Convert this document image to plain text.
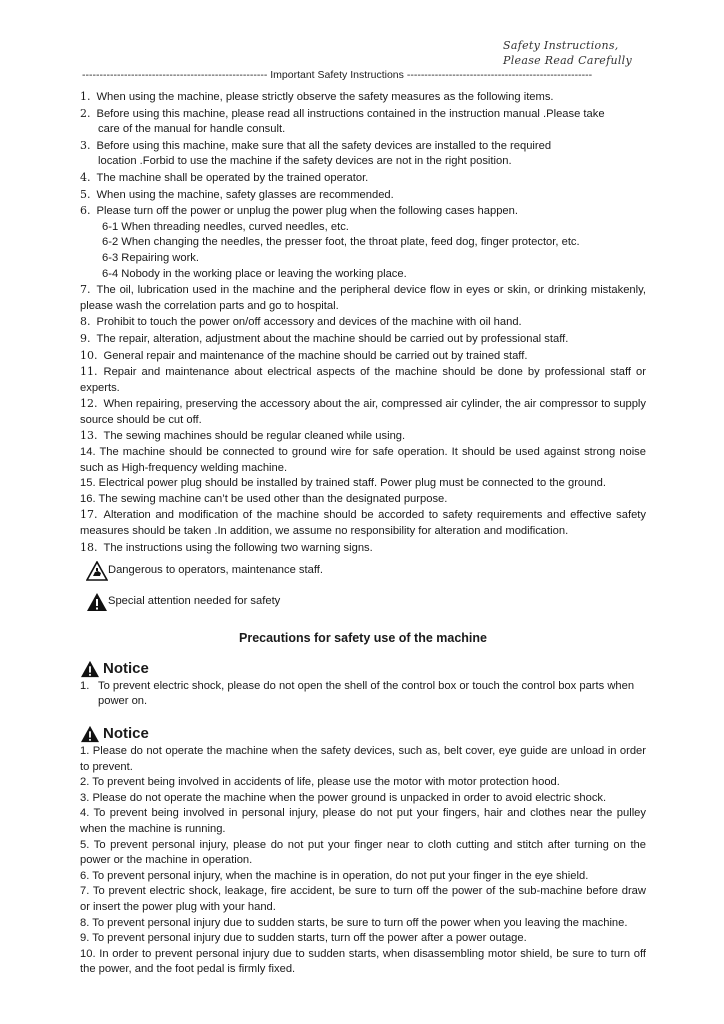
Safety Instructions,
Please Read Carefully
----------------------------------------------------- Important Safety Instructions -----------------------------------------------------
1. When using the machine, please strictly observe the safety measures as the following items.
2. Before using this machine, please read all instructions contained in the instruction manual .Please take
care of the manual for handle consult.
3. Before using this machine, make sure that all the safety devices are installed to the required
location .Forbid to use the machine if the safety devices are not in the right position.
4. The machine shall be operated by the trained operator.
5. When using the machine, safety glasses are recommended.
6. Please turn off the power or unplug the power plug when the following cases happen.
6-1 When threading needles, curved needles, etc.
6-2 When changing the needles, the presser foot, the throat plate, feed dog, finger protector, etc.
6-3 Repairing work.
6-4 Nobody in the working place or leaving the working place.
7. The oil, lubrication used in the machine and the peripheral device flow in eyes or skin, or drinking mistakenly, please wash the correlation parts and go to hospital.
8. Prohibit to touch the power on/off accessory and devices of the machine with oil hand.
9. The repair, alteration, adjustment about the machine should be carried out by professional staff.
10. General repair and maintenance of the machine should be carried out by trained staff.
11. Repair and maintenance about electrical aspects of the machine should be done by professional staff or experts.
12. When repairing, preserving the accessory about the air, compressed air cylinder, the air compressor to supply source should be cut off.
13. The sewing machines should be regular cleaned while using.
14. The machine should be connected to ground wire for safe operation. It should be used against strong noise such as High-frequency welding machine.
15. Electrical power plug should be installed by trained staff. Power plug must be connected to the ground.
16. The sewing machine can’t be used other than the designated purpose.
17. Alteration and modification of the machine should be accorded to safety requirements and effective safety measures should be taken .In addition, we assume no responsibility for alteration and modification.
18. The instructions using the following two warning signs.
Dangerous to operators, maintenance staff.
Special attention needed for safety
Precautions for safety use of the machine
Notice
1. To prevent electric shock, please do not open the shell of the control box or touch the control box parts when power on.
Notice
1. Please do not operate the machine when the safety devices, such as, belt cover, eye guide are unload in order to prevent.
2. To prevent being involved in accidents of life, please use the motor with motor protection hood.
3. Please do not operate the machine when the power ground is unpacked in order to avoid electric shock.
4. To prevent being involved in personal injury, please do not put your fingers, hair and clothes near the pulley when the machine is running.
5. To prevent personal injury, please do not put your finger near to cloth cutting and stitch after turning on the power or the machine in operation.
6. To prevent personal injury, when the machine is in operation, do not put your finger in the eye shield.
7. To prevent electric shock, leakage, fire accident, be sure to turn off the power of the sub-machine before draw or insert the power plug with your hand.
8. To prevent personal injury due to sudden starts, be sure to turn off the power when you leaving the machine.
9. To prevent personal injury due to sudden starts, turn off the power after a power outage.
10. In order to prevent personal injury due to sudden starts, when disassembling motor shield, be sure to turn off the power, and the foot pedal is firmly fixed.
